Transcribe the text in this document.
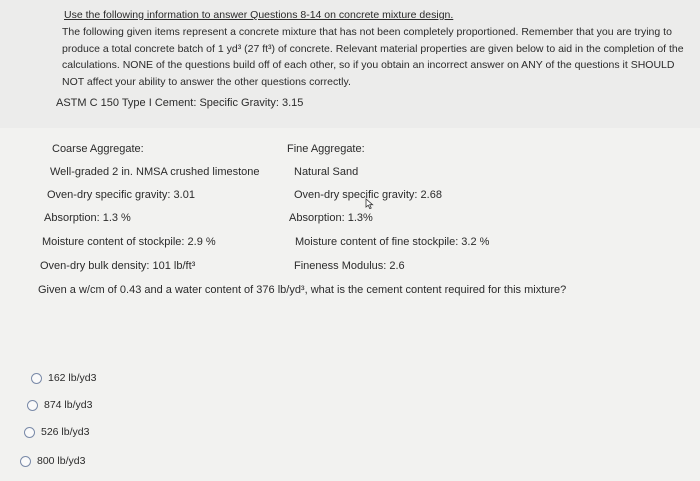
Use the following information to answer Questions 8-14 on concrete mixture design.
The following given items represent a concrete mixture that has not been completely proportioned. Remember that you are trying to produce a total concrete batch of 1 yd³ (27 ft³) of concrete. Relevant material properties are given below to aid in the completion of the calculations. NONE of the questions build off of each other, so if you obtain an incorrect answer on ANY of the questions it SHOULD NOT affect your ability to answer the other questions correctly.
ASTM C 150 Type I Cement: Specific Gravity: 3.15
Coarse Aggregate:
Well-graded 2 in. NMSA crushed limestone
Oven-dry specific gravity: 3.01
Absorption: 1.3 %
Moisture content of stockpile: 2.9 %
Oven-dry bulk density: 101 lb/ft³
Fine Aggregate:
Natural Sand
Oven-dry specific gravity: 2.68
Absorption: 1.3%
Moisture content of fine stockpile: 3.2 %
Fineness Modulus: 2.6
Given a w/cm of 0.43 and a water content of 376 lb/yd³, what is the cement content required for this mixture?
162 lb/yd3
874 lb/yd3
526 lb/yd3
800 lb/yd3
